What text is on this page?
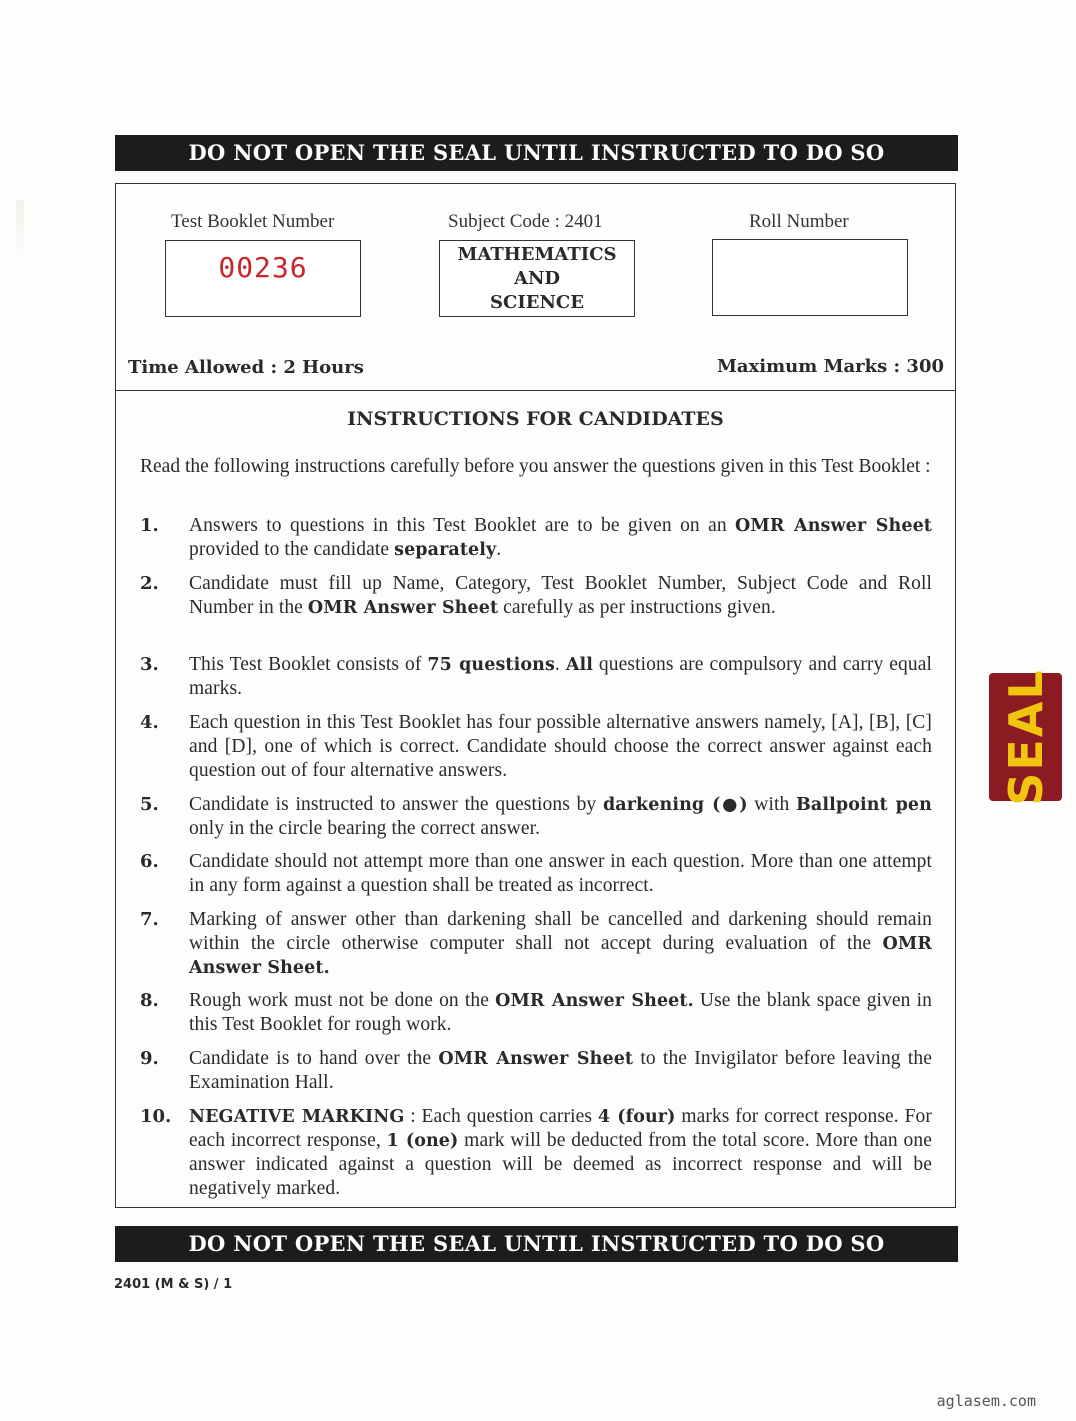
DO NOT OPEN THE SEAL UNTIL INSTRUCTED TO DO SO
Test Booklet Number
00236
Subject Code : 2401
MATHEMATICS
AND
SCIENCE
Roll Number
Time Allowed : 2 Hours	Maximum Marks : 300
INSTRUCTIONS FOR CANDIDATES
Read the following instructions carefully before you answer the questions given in this Test Booklet :
1.	Answers to questions in this Test Booklet are to be given on an OMR Answer Sheet provided to the candidate separately.
2.	Candidate must fill up Name, Category, Test Booklet Number, Subject Code and Roll Number in the OMR Answer Sheet carefully as per instructions given.
3.	This Test Booklet consists of 75 questions. All questions are compulsory and carry equal marks.
4.	Each question in this Test Booklet has four possible alternative answers namely, [A], [B], [C] and [D], one of which is correct. Candidate should choose the correct answer against each question out of four alternative answers.
5.	Candidate is instructed to answer the questions by darkening (●) with Ballpoint pen only in the circle bearing the correct answer.
6.	Candidate should not attempt more than one answer in each question. More than one attempt in any form against a question shall be treated as incorrect.
7.	Marking of answer other than darkening shall be cancelled and darkening should remain within the circle otherwise computer shall not accept during evaluation of the OMR Answer Sheet.
8.	Rough work must not be done on the OMR Answer Sheet. Use the blank space given in this Test Booklet for rough work.
9.	Candidate is to hand over the OMR Answer Sheet to the Invigilator before leaving the Examination Hall.
10.	NEGATIVE MARKING : Each question carries 4 (four) marks for correct response. For each incorrect response, 1 (one) mark will be deducted from the total score. More than one answer indicated against a question will be deemed as incorrect response and will be negatively marked.
DO NOT OPEN THE SEAL UNTIL INSTRUCTED TO DO SO
2401 (M & S) / 1
SEAL
aglasem.com
